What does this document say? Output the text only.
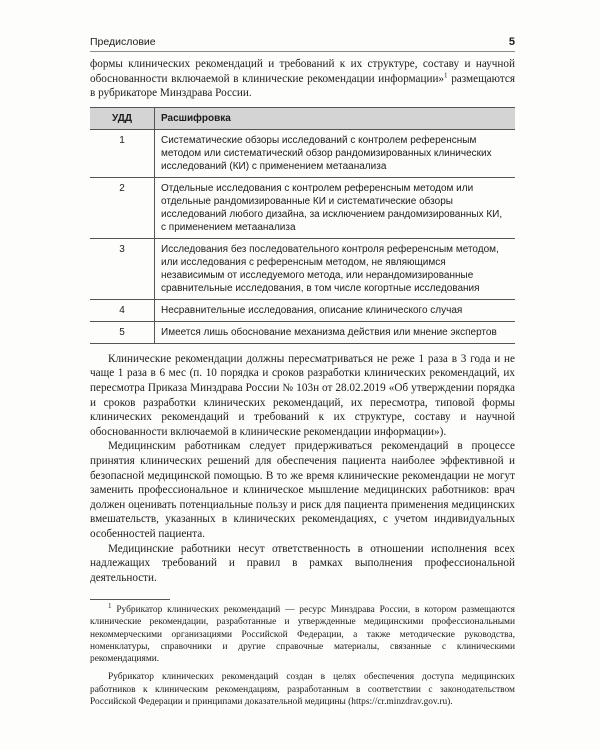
Предисловие	5

формы клинических рекомендаций и требований к их структуре, составу и научной обоснованности включаемой в клинические рекомендации информации»$^1$ размещаются в рубрикаторе Минздрава России.

УДД	Расшифровка
1	Систематические обзоры исследований с контролем референсным методом или систематический обзор рандомизированных клинических исследований (КИ) с применением метаанализа
2	Отдельные исследования с контролем референсным методом или отдельные рандомизированные КИ и систематические обзоры исследований любого дизайна, за исключением рандомизированных КИ, с применением метаанализа
3	Исследования без последовательного контроля референсным методом, или исследования с референсным методом, не являющимся независимым от исследуемого метода, или нерандомизированные сравнительные исследования, в том числе когортные исследования
4	Несравнительные исследования, описание клинического случая
5	Имеется лишь обоснование механизма действия или мнение экспертов

Клинические рекомендации должны пересматриваться не реже 1 раза в 3 года и не чаще 1 раза в 6 мес (п. 10 порядка и сроков разработки клинических рекомендаций, их пересмотра Приказа Минздрава России № 103н от 28.02.2019 «Об утверждении порядка и сроков разработки клинических рекомендаций, их пересмотра, типовой формы клинических рекомендаций и требований к их структуре, составу и научной обоснованности включаемой в клинические рекомендации информации»).

Медицинским работникам следует придерживаться рекомендаций в процессе принятия клинических решений для обеспечения пациента наиболее эффективной и безопасной медицинской помощью. В то же время клинические рекомендации не могут заменить профессиональное и клиническое мышление медицинских работников: врач должен оценивать потенциальные пользу и риск для пациента применения медицинских вмешательств, указанных в клинических рекомендациях, с учетом индивидуальных особенностей пациента.

Медицинские работники несут ответственность в отношении исполнения всех надлежащих требований и правил в рамках выполнения профессиональной деятельности.

$^1$ Рубрикатор клинических рекомендаций — ресурс Минздрава России, в котором размещаются клинические рекомендации, разработанные и утвержденные медицинскими профессиональными некоммерческими организациями Российской Федерации, а также методические руководства, номенклатуры, справочники и другие справочные материалы, связанные с клиническими рекомендациями.

Рубрикатор клинических рекомендаций создан в целях обеспечения доступа медицинских работников к клиническим рекомендациям, разработанным в соответствии с законодательством Российской Федерации и принципами доказательной медицины (https://cr.minzdrav.gov.ru).
